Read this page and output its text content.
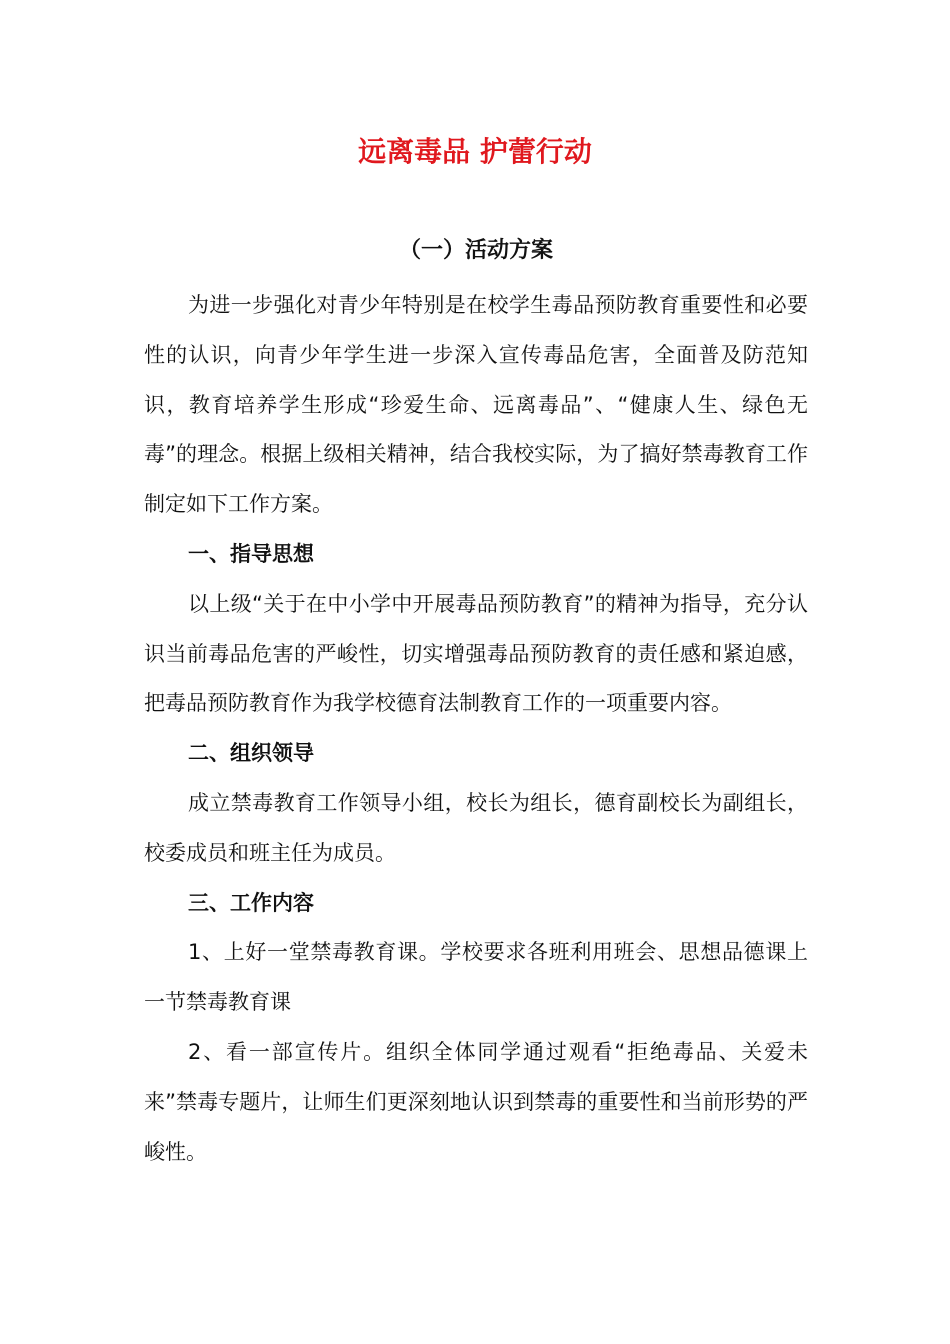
远离毒品 护蕾行动
（一）活动方案

为进一步强化对青少年特别是在校学生毒品预防教育重要性和必要性的认识，向青少年学生进一步深入宣传毒品危害，全面普及防范知识，教育培养学生形成“珍爱生命、远离毒品”、“健康人生、绿色无毒”的理念。根据上级相关精神，结合我校实际，为了搞好禁毒教育工作制定如下工作方案。

一、指导思想

以上级“关于在中小学中开展毒品预防教育”的精神为指导，充分认识当前毒品危害的严峻性，切实增强毒品预防教育的责任感和紧迫感，把毒品预防教育作为我学校德育法制教育工作的一项重要内容。

二、组织领导

成立禁毒教育工作领导小组，校长为组长，德育副校长为副组长，校委成员和班主任为成员。

三、工作内容

1、上好一堂禁毒教育课。学校要求各班利用班会、思想品德课上一节禁毒教育课

2、看一部宣传片。组织全体同学通过观看“拒绝毒品、关爱未来”禁毒专题片，让师生们更深刻地认识到禁毒的重要性和当前形势的严峻性。
